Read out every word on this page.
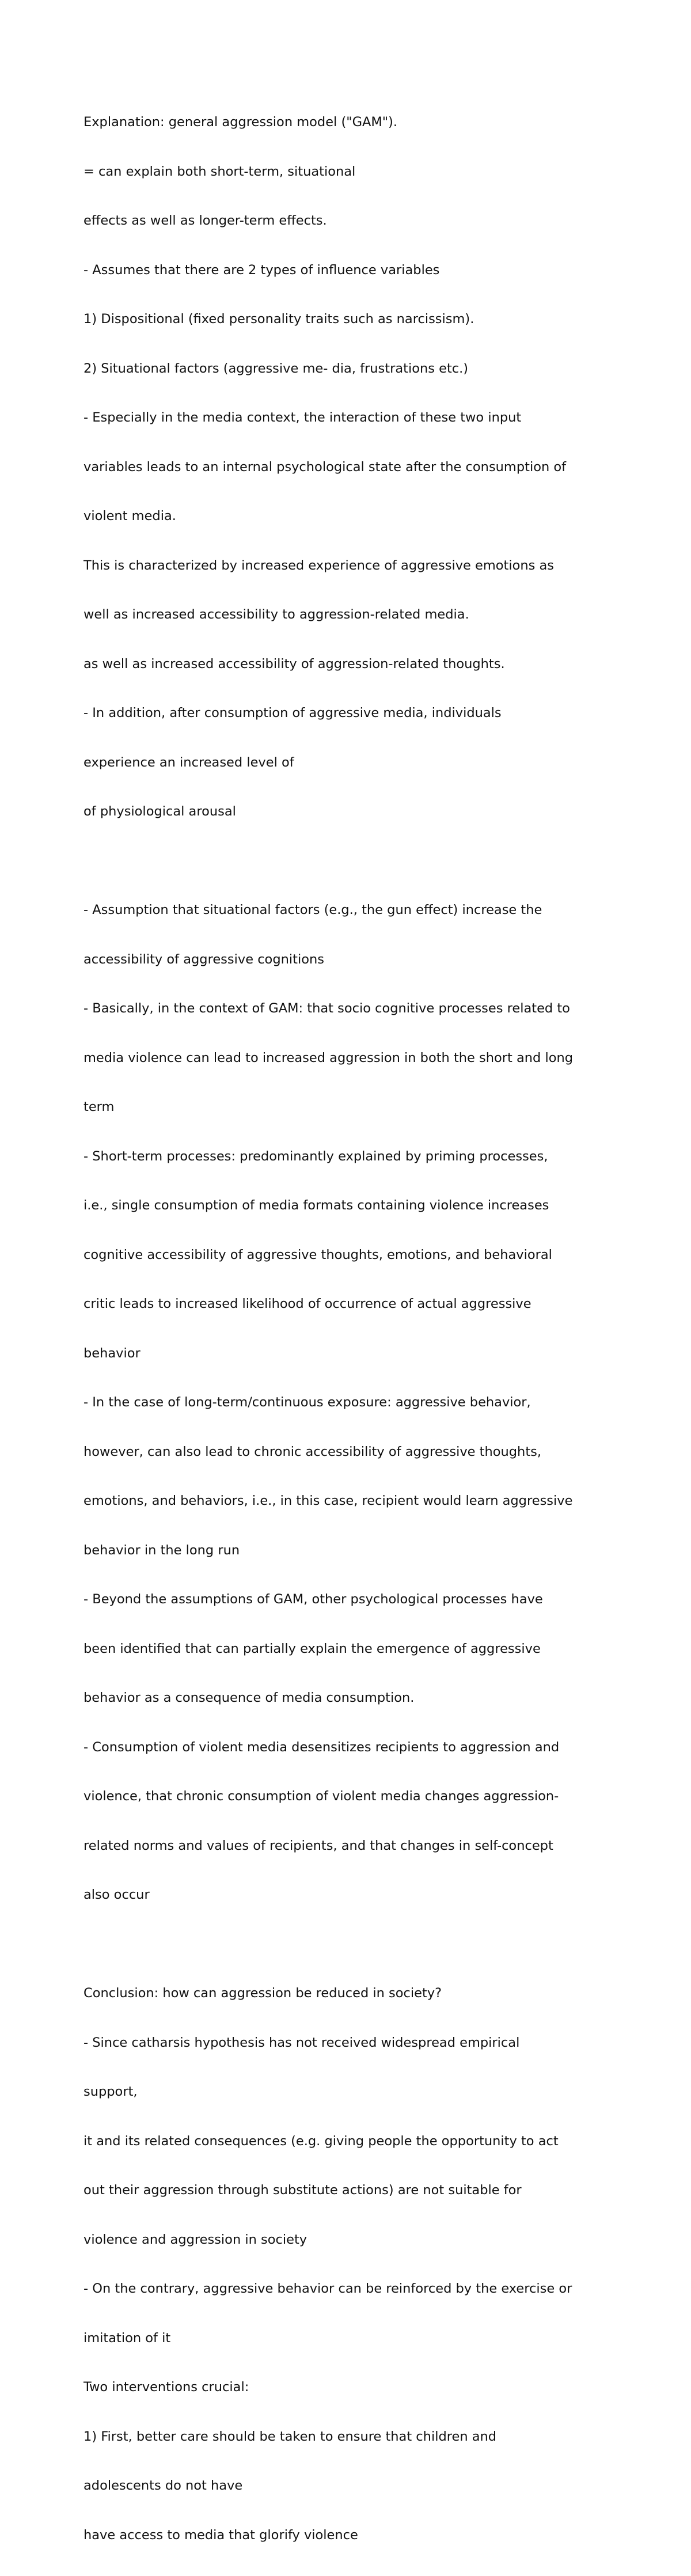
Explanation: general aggression model ("GAM").

= can explain both short-term, situational

effects as well as longer-term effects.

- Assumes that there are 2 types of influence variables

1) Dispositional (fixed personality traits such as narcissism).

2) Situational factors (aggressive me- dia, frustrations etc.)

- Especially in the media context, the interaction of these two input

variables leads to an internal psychological state after the consumption of

violent media.

This is characterized by increased experience of aggressive emotions as

well as increased accessibility to aggression-related media.

as well as increased accessibility of aggression-related thoughts.

- In addition, after consumption of aggressive media, individuals

experience an increased level of

of physiological arousal

- Assumption that situational factors (e.g., the gun effect) increase the

accessibility of aggressive cognitions

- Basically, in the context of GAM: that socio cognitive processes related to

media violence can lead to increased aggression in both the short and long

term

- Short-term processes: predominantly explained by priming processes,

i.e., single consumption of media formats containing violence increases

cognitive accessibility of aggressive thoughts, emotions, and behavioral

critic leads to increased likelihood of occurrence of actual aggressive

behavior

- In the case of long-term/continuous exposure: aggressive behavior,

however, can also lead to chronic accessibility of aggressive thoughts,

emotions, and behaviors, i.e., in this case, recipient would learn aggressive

behavior in the long run

- Beyond the assumptions of GAM, other psychological processes have

been identified that can partially explain the emergence of aggressive

behavior as a consequence of media consumption.

- Consumption of violent media desensitizes recipients to aggression and

violence, that chronic consumption of violent media changes aggression-

related norms and values of recipients, and that changes in self-concept

also occur

Conclusion: how can aggression be reduced in society?

- Since catharsis hypothesis has not received widespread empirical

support,

it and its related consequences (e.g. giving people the opportunity to act

out their aggression through substitute actions) are not suitable for

violence and aggression in society

- On the contrary, aggressive behavior can be reinforced by the exercise or

imitation of it

Two interventions crucial:

1) First, better care should be taken to ensure that children and

adolescents do not have

have access to media that glorify violence
